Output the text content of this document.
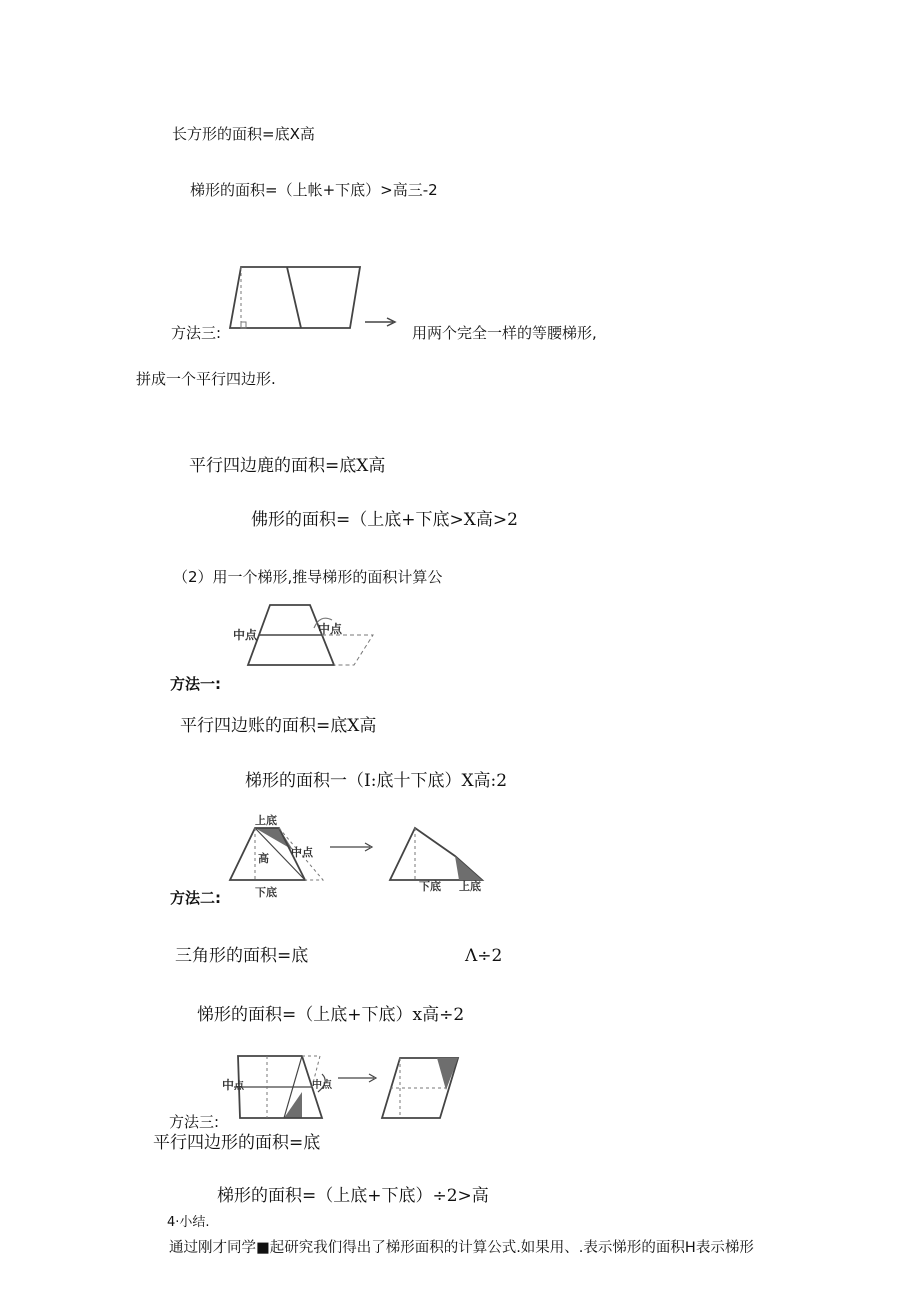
长方形的面积=底X高
梯形的面积=（上帐+下底）>高三-2
方法三:	用两个完全一样的等腰梯形,
拼成一个平行四边形.
平行四边鹿的面积=底X高
佛形的面积=（上底+下底>X高>2
（2）用一个梯形,推导梯形的面积计算公
中点	中点
方法一:
平行四边账的面积=底X高
梯形的面积一（I:底十下底）X高:2
上底
中点
高
下底	下底 上底
方法二:
三角形的面积=底	Λ÷2
悌形的面积=（上底+下底）x高÷2
中 点	中点
方法三:
平行四边形的面积=底
梯形的面积=（上底+下底）÷2>高
4·小结.
通过刚才同学■起研究我们得出了梯形面积的计算公式.如果用、.表示悌形的面积H表示梯形
